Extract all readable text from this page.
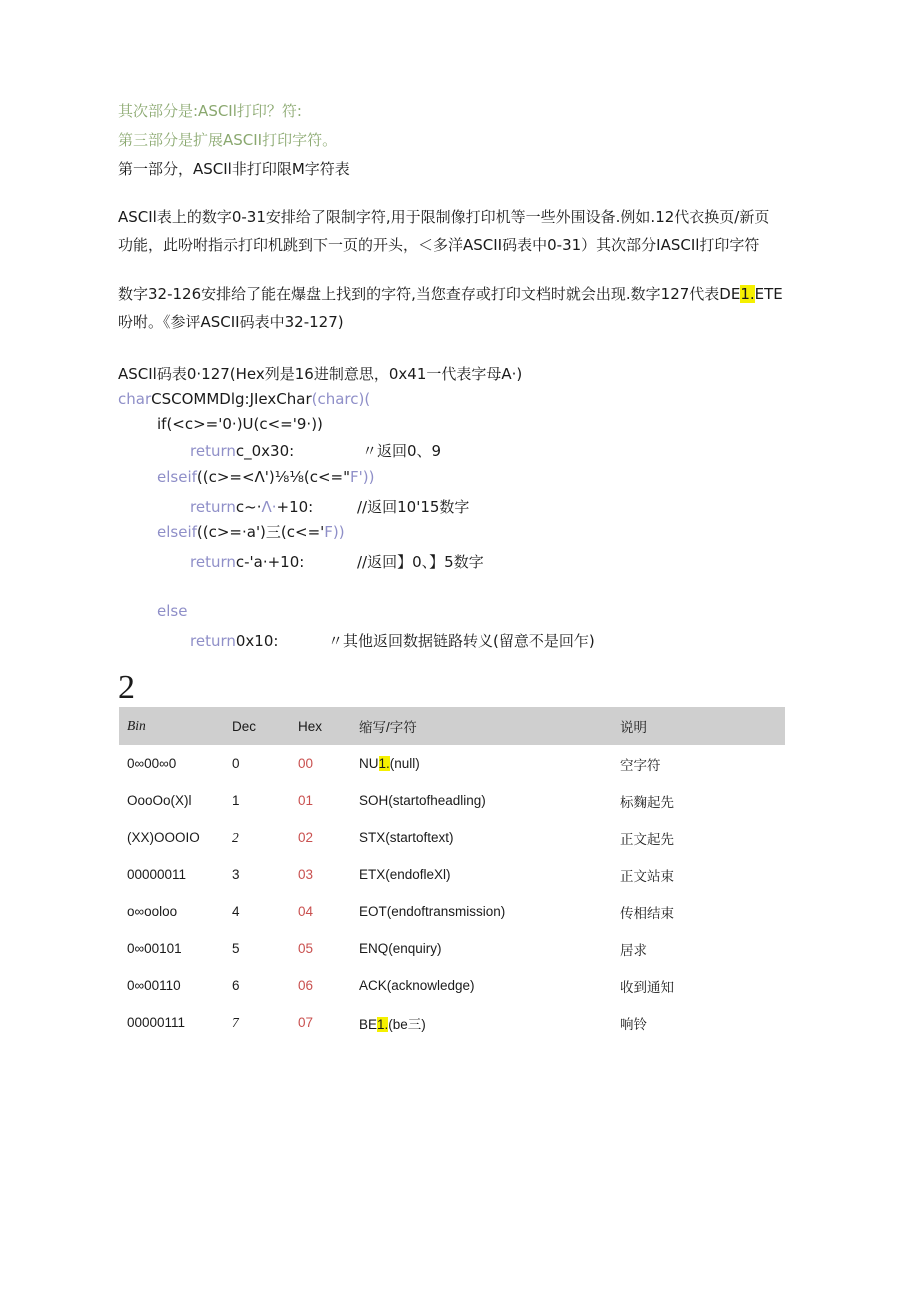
其次部分是:ASCIl打印？符:
第三部分是扩展ASCII打印字符。
第一部分，ASCIl非打印限M字符表
ASCIl表上的数字0-31安排给了限制字符,用于限制像打印机等一些外围设备.例如.12代衣换页/新页
功能，此吩咐指示打印机跳到下一页的开头，＜多洋ASCII码表中0-31）其次部分IASCIl打印字符
数字32-126安排给了能在爆盘上找到的字符,当您查存或打印文档时就会出现.数字127代表DE1.ETE
吩咐。《参评ASCII码表中32-127)
ASCIl码表0·127(Hex列是16进制意思，0x41一代表字母A·)
charCSCOMMDlg:JIexChar(charc)(
if(<c>='0·)U(c<='9·))
returnc_0x30:	〃返回0、9
elseif((c>=<Λ')⅛⅛(c<="F'))
returnc~·Λ·+10:	//返回10'15数字
elseif((c>=·a')三(c<='F))
returnc-'a·+10:	//返回】0、】5数字
else
return0x10:	〃其他返回数据链路转义(留意不是回乍)
2
Bin	Dec	Hex	缩写/字符	说明
0∞00∞0	0	00	NU1.(null)	空字符
OooOo(X)l	1	01	SOH(startofheadling)	标麴起先
(XX)OOOIO	2	02	STX(startoftext)	正文起先
00000011	3	03	ETX(endofleXl)	正文站束
o∞ooloo	4	04	EOT(endoftransmission)	传相结束
0∞00101	5	05	ENQ(enquiry)	居求
0∞00110	6	06	ACK(acknowledge)	收到通知
00000111	7	07	BE1.(be三)	响铃
